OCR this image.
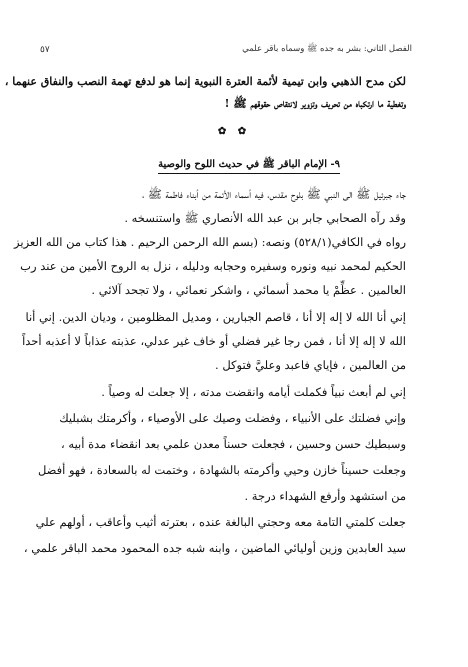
الفصل الثاني: بشر به جده ﷺ وسماه باقر علمي
٥٧
لكن مدح الذهبي وابن تيمية لأئمة العترة النبوية إنما هو لدفع تهمة النصب والنفاق عنهما ،
وتغطية ما ارتكباه من تحريف وتزوير لانتقاص حقوقهم ﷺ !
✿ ✿
٩- الإمام الباقر ﷺ في حديث اللوح والوصية
جاء جبرئيل ﷺ الى النبي ﷺ بلوح مقدس، فيه أسماء الأئمة من أبناء فاطمة ﷺ ،
وقد رآه الصحابي جابر بن عبد الله الأنصاري ﷺ واستنسخه .
رواه في الكافي(٥٢٨/١) ونصه: (بسم الله الرحمن الرحيم . هذا كتاب من الله العزيز
الحكيم لمحمد نبيه ونوره وسفيره وحجابه ودليله ، نزل به الروح الأمين من عند رب
العالمين . عظِّمْ يا محمد أسمائي ، واشكر نعمائي ، ولا تجحد آلائي .
إني أنا الله لا إله إلا أنا ، قاصم الجبارين ، ومديل المظلومين ، وديان الدين. إني أنا
الله لا إله إلا أنا ، فمن رجا غير فضلي أو خاف غير عدلي، عذبته عذاباً لا أعذبه أحداً
من العالمين ، فإياي فاعبد وعليَّ فتوكل .
إني لم أبعث نبياً فكملت أيامه وانقضت مدته ، إلا جعلت له وصياً .
وإني فضلتك على الأنبياء ، وفضلت وصيك على الأوصياء ، وأكرمتك بشبليك
وسبطيك حسن وحسين ، فجعلت حسناً معدن علمي بعد انقضاء مدة أبيه ،
وجعلت حسيناً خازن وحيي وأكرمته بالشهادة ، وختمت له بالسعادة ، فهو أفضل
من استشهد وأرفع الشهداء درجة .
جعلت كلمتي التامة معه وحجتي البالغة عنده ، بعترته أثيب وأعاقب ، أولهم علي
سيد العابدين وزين أوليائي الماضين ، وابنه شبه جده المحمود محمد الباقر علمي ،
